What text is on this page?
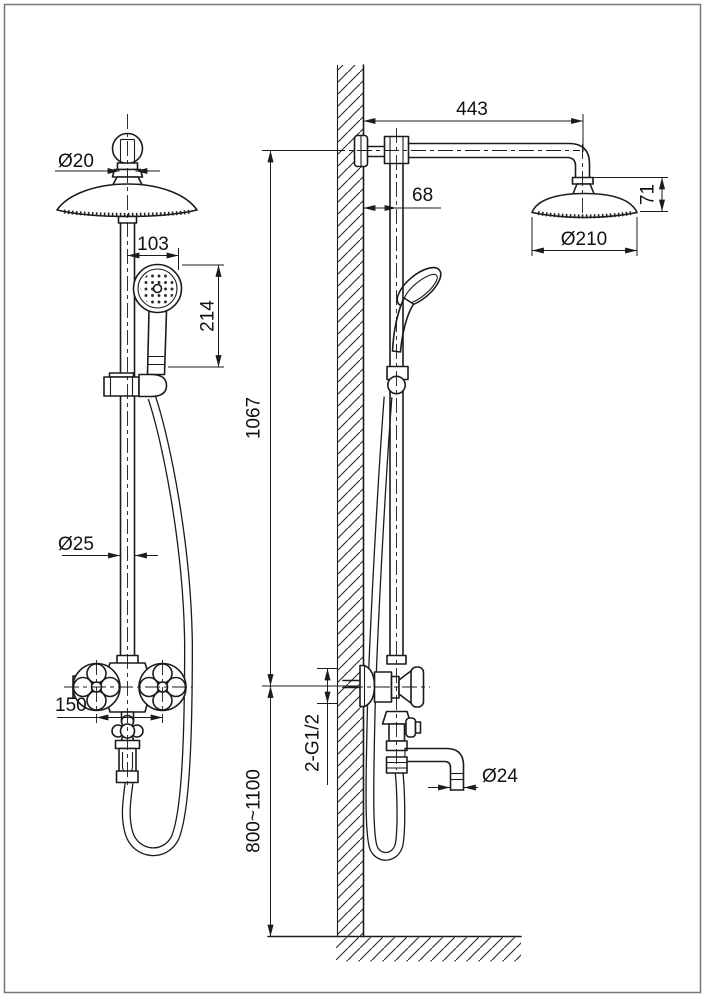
Ø20
103
214
Ø25
150
443
68	71
Ø210
1067
800~1100
2-G1/2
Ø24
